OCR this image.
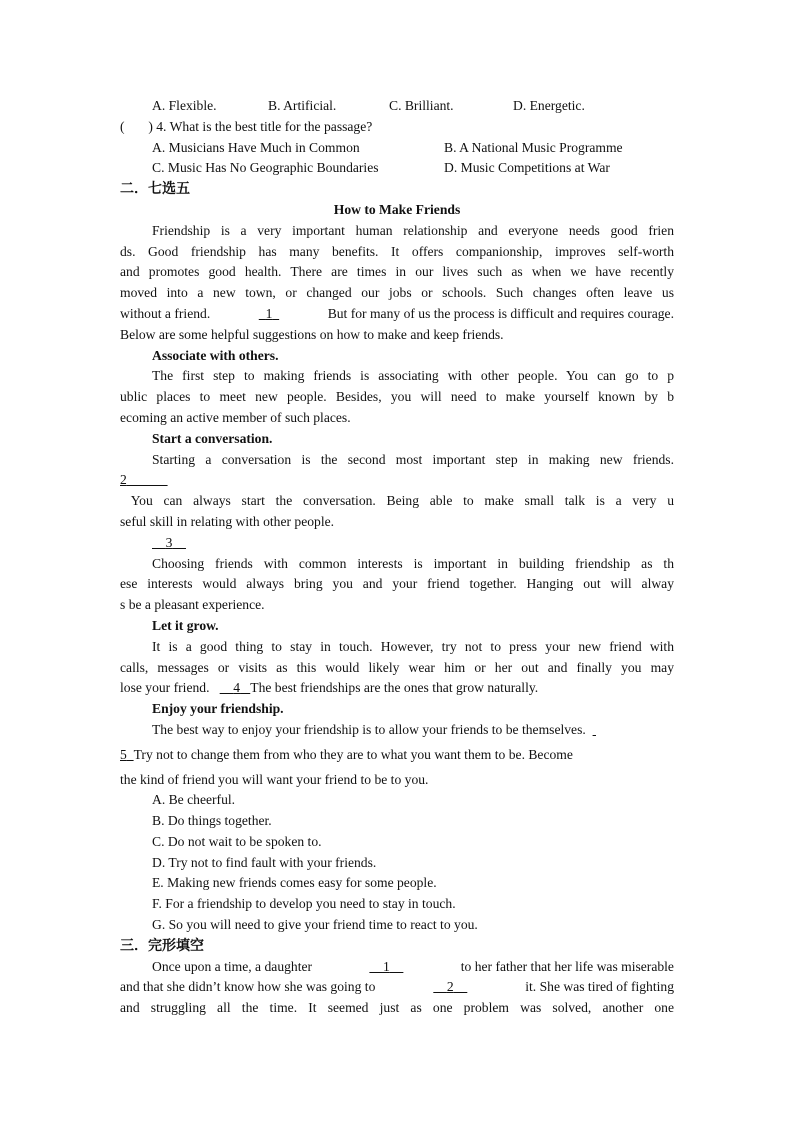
A. Flexible.	B. Artificial.	C. Brilliant.	D. Energetic.
(       ) 4. What is the best title for the passage?
A. Musicians Have Much in Common	B. A National Music Programme
C. Music Has No Geographic Boundaries	D. Music Competitions at War
二．七选五
How to Make Friends
Friendship is a very important human relationship and everyone needs good frien
ds. Good friendship has many benefits. It offers companionship, improves self-worth
and promotes good health. There are times in our lives such as when we have recently
moved into a new town, or changed our jobs or schools. Such changes often leave us
without a friend.	1	But for many of us the process is difficult and requires courage.
Below are some helpful suggestions on how to make and keep friends.
Associate with others.
The first step to making friends is associating with other people. You can go to p
ublic places to meet new people. Besides, you will need to make yourself known by b
ecoming an active member of such places.
Start a conversation.
Starting a conversation is the second most important step in making new friends.
2
You can always start the conversation. Being able to make small talk is a very u
seful skill in relating with other people.
3
Choosing friends with common interests is important in building friendship as th
ese interests would always bring you and your friend together. Hanging out will alway
s be a pleasant experience.
Let it grow.
It is a good thing to stay in touch. However, try not to press your new friend with
calls, messages or visits as this would likely wear him or her out and finally you may
lose your friend. 4 The best friendships are the ones that grow naturally.
Enjoy your friendship.
The best way to enjoy your friendship is to allow your friends to be themselves.
5 Try not to change them from who they are to what you want them to be. Become
the kind of friend you will want your friend to be to you.
A. Be cheerful.
B. Do things together.
C. Do not wait to be spoken to.
D. Try not to find fault with your friends.
E. Making new friends comes easy for some people.
F. For a friendship to develop you need to stay in touch.
G. So you will need to give your friend time to react to you.
三．完形填空
Once upon a time, a daughter	1	to her father that her life was miserable
and that she didn’t know how she was going to	2	it. She was tired of fighting
and struggling all the time. It seemed just as one problem was solved, another one
